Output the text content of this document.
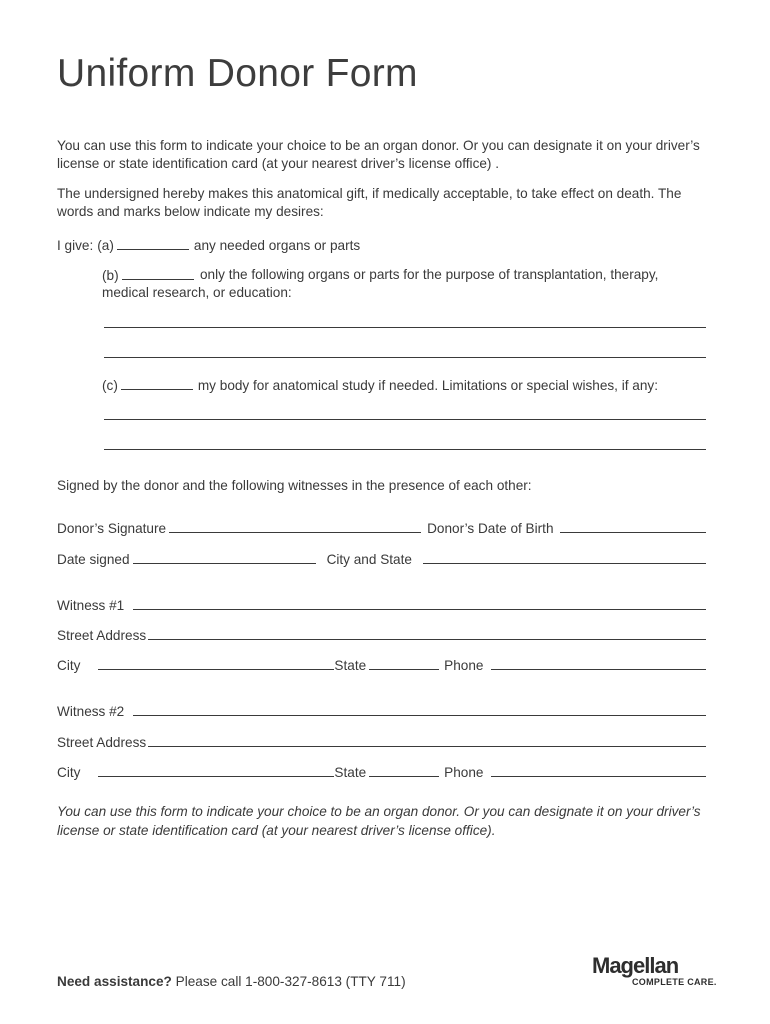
Uniform Donor Form

You can use this form to indicate your choice to be an organ donor. Or you can designate it on your driver’s license or state identification card (at your nearest driver’s license office) .

The undersigned hereby makes this anatomical gift, if medically acceptable, to take effect on death. The words and marks below indicate my desires:

I give: (a)	any needed organs or parts
(b)	only the following organs or parts for the purpose of transplantation, therapy, medical research, or education:

(c)	my body for anatomical study if needed. Limitations or special wishes, if any:

Signed by the donor and the following witnesses in the presence of each other:

Donor’s Signature	Donor’s Date of Birth
Date signed	City and State
Witness #1
Street Address
City	State	Phone
Witness #2
Street Address
City	State	Phone

You can use this form to indicate your choice to be an organ donor. Or you can designate it on your driver’s license or state identification card (at your nearest driver’s license office).

Need assistance? Please call 1-800-327-8613 (TTY 711)
Magellan
COMPLETE CARE.
